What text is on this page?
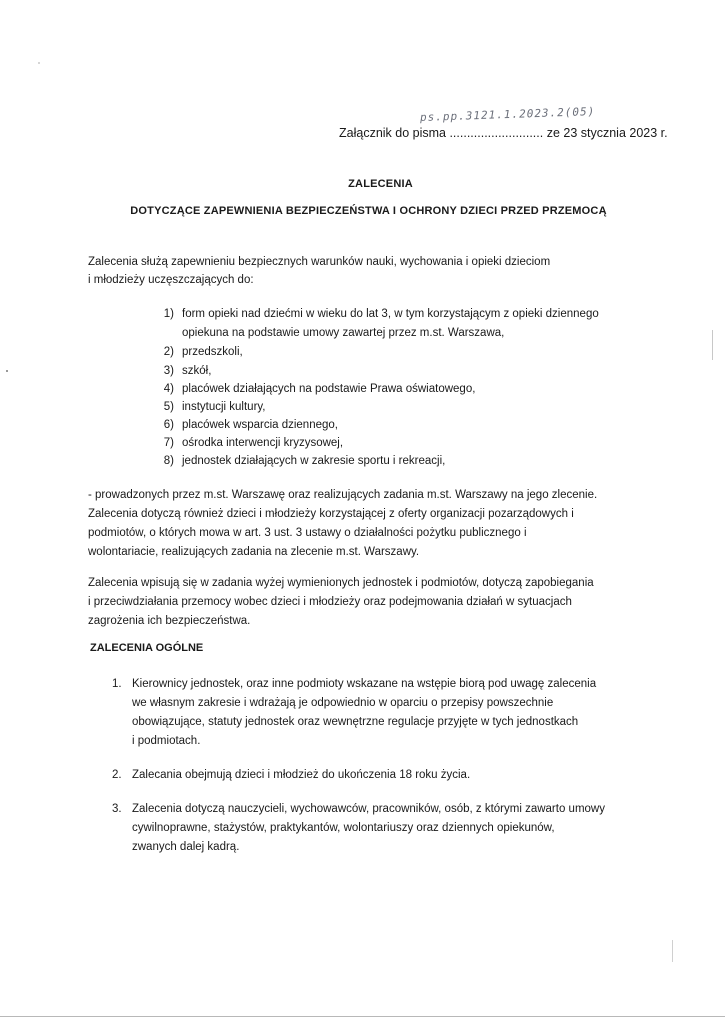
ps.pp.3121.1.2023.2(05)
Załącznik do pisma ........................... ze 23 stycznia 2023 r.
ZALECENIA
DOTYCZĄCE ZAPEWNIENIA BEZPIECZEŃSTWA I OCHRONY DZIECI PRZED PRZEMOCĄ
Zalecenia służą zapewnieniu bezpiecznych warunków nauki, wychowania i opieki dzieciom
i młodzieży uczęszczających do:
1) form opieki nad dziećmi w wieku do lat 3, w tym korzystającym z opieki dziennego
opiekuna na podstawie umowy zawartej przez m.st. Warszawa,
2) przedszkoli,
3) szkół,
4) placówek działających na podstawie Prawa oświatowego,
5) instytucji kultury,
6) placówek wsparcia dziennego,
7) ośrodka interwencji kryzysowej,
8) jednostek działających w zakresie sportu i rekreacji,
- prowadzonych przez m.st. Warszawę oraz realizujących zadania m.st. Warszawy na jego zlecenie.
Zalecenia dotyczą również dzieci i młodzieży korzystającej z oferty organizacji pozarządowych i
podmiotów, o których mowa w art. 3 ust. 3 ustawy o działalności pożytku publicznego i
wolontariacie, realizujących zadania na zlecenie m.st. Warszawy.
Zalecenia wpisują się w zadania wyżej wymienionych jednostek i podmiotów, dotyczą zapobiegania
i przeciwdziałania przemocy wobec dzieci i młodzieży oraz podejmowania działań w sytuacjach
zagrożenia ich bezpieczeństwa.
ZALECENIA OGÓLNE
1. Kierownicy jednostek, oraz inne podmioty wskazane na wstępie biorą pod uwagę zalecenia
we własnym zakresie i wdrażają je odpowiednio w oparciu o przepisy powszechnie
obowiązujące, statuty jednostek oraz wewnętrzne regulacje przyjęte w tych jednostkach
i podmiotach.
2. Zalecania obejmują dzieci i młodzież do ukończenia 18 roku życia.
3. Zalecenia dotyczą nauczycieli, wychowawców, pracowników, osób, z którymi zawarto umowy
cywilnoprawne, stażystów, praktykantów, wolontariuszy oraz dziennych opiekunów,
zwanych dalej kadrą.
